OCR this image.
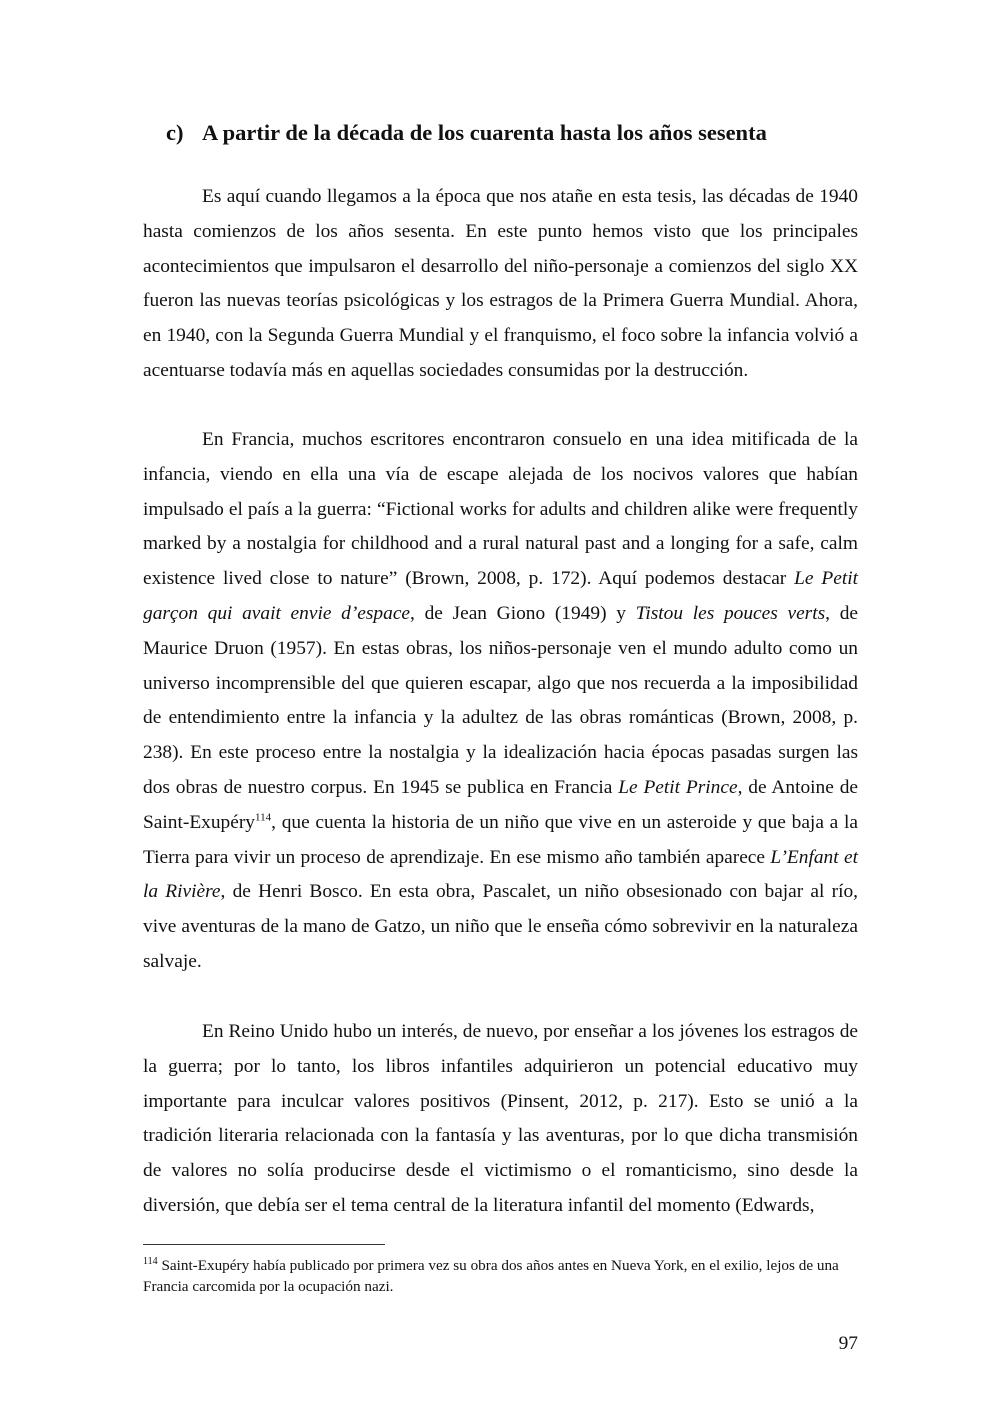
c) A partir de la década de los cuarenta hasta los años sesenta

Es aquí cuando llegamos a la época que nos atañe en esta tesis, las décadas de 1940 hasta comienzos de los años sesenta. En este punto hemos visto que los principales acontecimientos que impulsaron el desarrollo del niño-personaje a comienzos del siglo XX fueron las nuevas teorías psicológicas y los estragos de la Primera Guerra Mundial. Ahora, en 1940, con la Segunda Guerra Mundial y el franquismo, el foco sobre la infancia volvió a acentuarse todavía más en aquellas sociedades consumidas por la destrucción.

En Francia, muchos escritores encontraron consuelo en una idea mitificada de la infancia, viendo en ella una vía de escape alejada de los nocivos valores que habían impulsado el país a la guerra: “Fictional works for adults and children alike were frequently marked by a nostalgia for childhood and a rural natural past and a longing for a safe, calm existence lived close to nature” (Brown, 2008, p. 172). Aquí podemos destacar Le Petit garçon qui avait envie d’espace, de Jean Giono (1949) y Tistou les pouces verts, de Maurice Druon (1957). En estas obras, los niños-personaje ven el mundo adulto como un universo incomprensible del que quieren escapar, algo que nos recuerda a la imposibilidad de entendimiento entre la infancia y la adultez de las obras románticas (Brown, 2008, p. 238). En este proceso entre la nostalgia y la idealización hacia épocas pasadas surgen las dos obras de nuestro corpus. En 1945 se publica en Francia Le Petit Prince, de Antoine de Saint-Exupéry$^{114}$, que cuenta la historia de un niño que vive en un asteroide y que baja a la Tierra para vivir un proceso de aprendizaje. En ese mismo año también aparece L’Enfant et la Rivière, de Henri Bosco. En esta obra, Pascalet, un niño obsesionado con bajar al río, vive aventuras de la mano de Gatzo, un niño que le enseña cómo sobrevivir en la naturaleza salvaje.

En Reino Unido hubo un interés, de nuevo, por enseñar a los jóvenes los estragos de la guerra; por lo tanto, los libros infantiles adquirieron un potencial educativo muy importante para inculcar valores positivos (Pinsent, 2012, p. 217). Esto se unió a la tradición literaria relacionada con la fantasía y las aventuras, por lo que dicha transmisión de valores no solía producirse desde el victimismo o el romanticismo, sino desde la diversión, que debía ser el tema central de la literatura infantil del momento (Edwards,

$^{114}$ Saint-Exupéry había publicado por primera vez su obra dos años antes en Nueva York, en el exilio, lejos de una Francia carcomida por la ocupación nazi.

97
